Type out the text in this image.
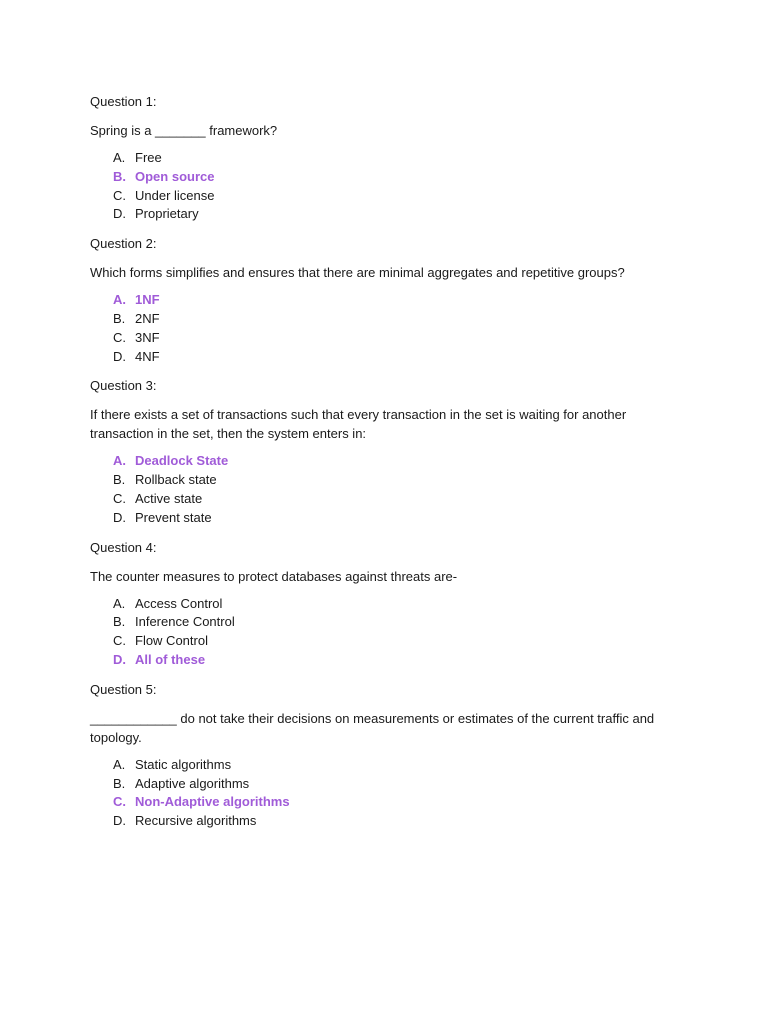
Question 1:

Spring is a _______ framework?

A. Free
B. Open source
C. Under license
D. Proprietary

Question 2:

Which forms simplifies and ensures that there are minimal aggregates and repetitive groups?

A. 1NF
B. 2NF
C. 3NF
D. 4NF

Question 3:

If there exists a set of transactions such that every transaction in the set is waiting for another transaction in the set, then the system enters in:

A. Deadlock State
B. Rollback state
C. Active state
D. Prevent state

Question 4:

The counter measures to protect databases against threats are-

A. Access Control
B. Inference Control
C. Flow Control
D. All of these

Question 5:

____________ do not take their decisions on measurements or estimates of the current traffic and topology.

A. Static algorithms
B. Adaptive algorithms
C. Non-Adaptive algorithms
D. Recursive algorithms
